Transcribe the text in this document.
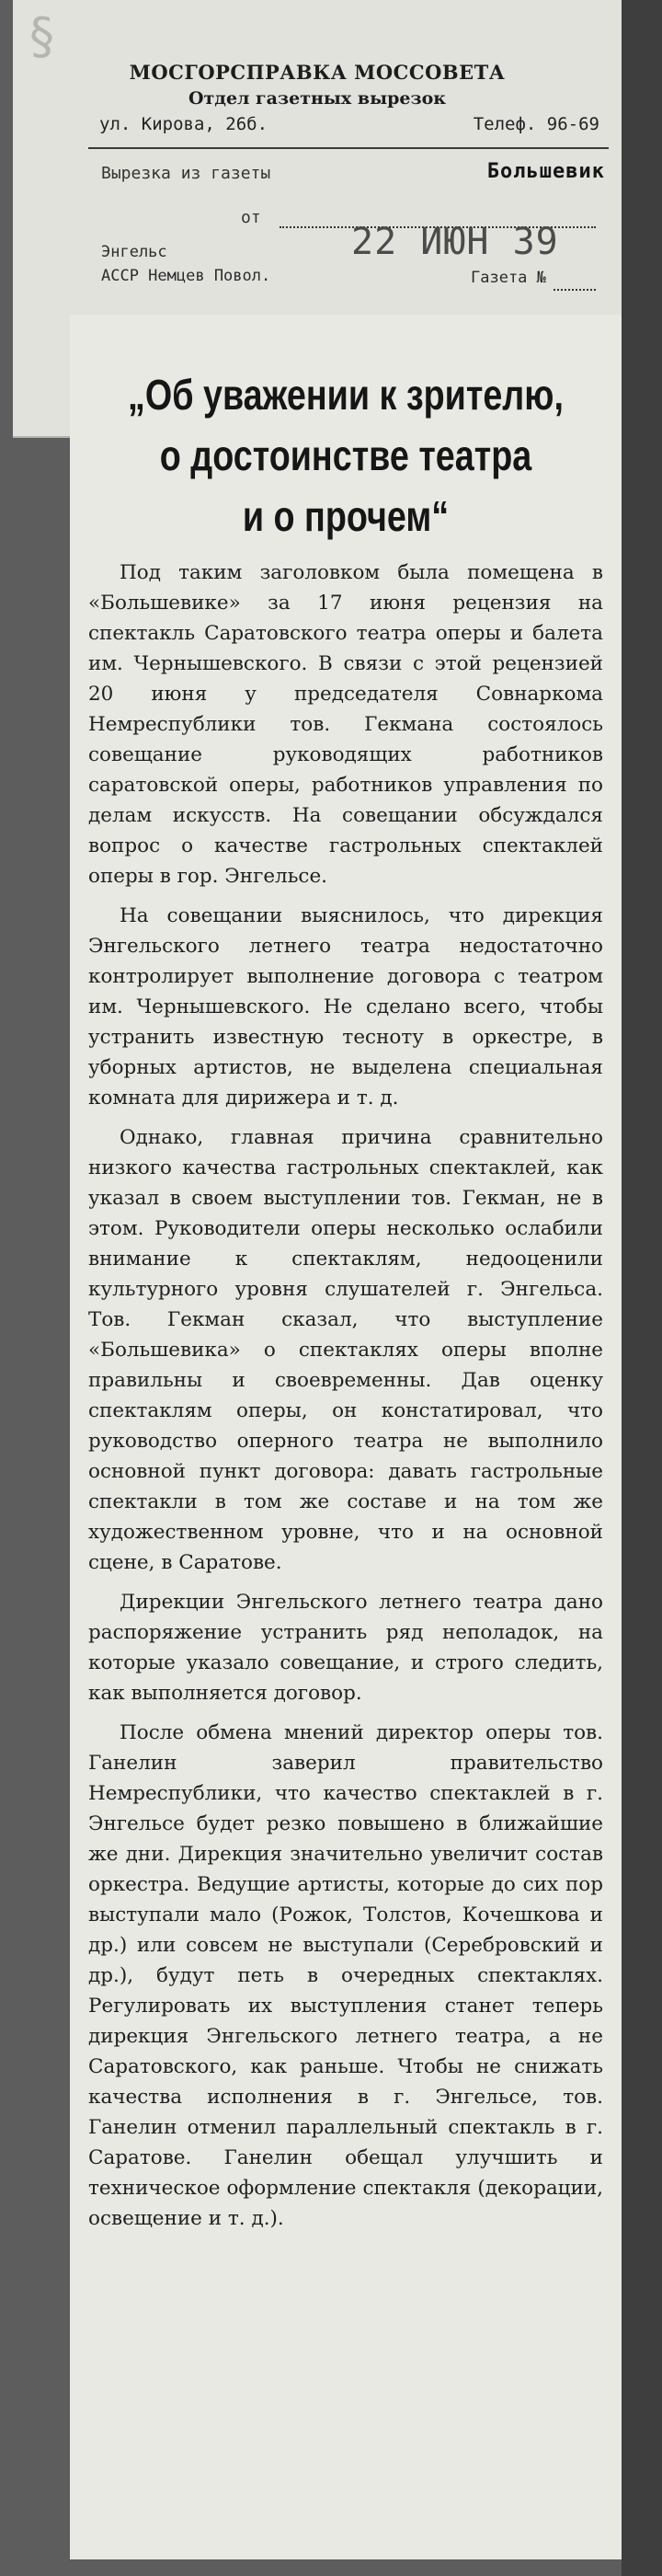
§
МОСГОРСПРАВКА МОССОВЕТА
Отдел газетных вырезок
ул. Кирова, 26б.	Телеф. 96-69
Вырезка из газеты	Большевик
от
Энгельс
АССР Немцев Повол.
22 ИЮН 39
Газета №
„Об уважении к зрителю,
о достоинстве театра
и о прочем“

Под таким заголовком была помещена в «Большевике» за 17 июня рецензия на спектакль Саратовского театра оперы и балета им. Чернышевского. В связи с этой рецензией 20 июня у председателя Совнаркома Немреспублики тов. Гекмана состоялось совещание руководящих работников саратовской оперы, работников управления по делам искусств. На совещании обсуждался вопрос о качестве гастрольных спектаклей оперы в гор. Энгельсе.

На совещании выяснилось, что дирекция Энгельского летнего театра недостаточно контролирует выполнение договора с театром им. Чернышевского. Не сделано всего, чтобы устранить известную тесноту в оркестре, в уборных артистов, не выделена специальная комната для дирижера и т. д.

Однако, главная причина сравнительно низкого качества гастрольных спектаклей, как указал в своем выступлении тов. Гекман, не в этом. Руководители оперы несколько ослабили внимание к спектаклям, недооценили культурного уровня слушателей г. Энгельса. Тов. Гекман сказал, что выступление «Большевика» о спектаклях оперы вполне правильны и своевременны. Дав оценку спектаклям оперы, он констатировал, что руководство оперного театра не выполнило основной пункт договора: давать гастрольные спектакли в том же составе и на том же художественном уровне, что и на основной сцене, в Саратове.

Дирекции Энгельского летнего театра дано распоряжение устранить ряд неполадок, на которые указало совещание, и строго следить, как выполняется договор.

После обмена мнений директор оперы тов. Ганелин заверил правительство Немреспублики, что качество спектаклей в г. Энгельсе будет резко повышено в ближайшие же дни. Дирекция значительно увеличит состав оркестра. Ведущие артисты, которые до сих пор выступали мало (Рожок, Толстов, Кочешкова и др.) или совсем не выступали (Серебровский и др.), будут петь в очередных спектаклях. Регулировать их выступления станет теперь дирекция Энгельского летнего театра, а не Саратовского, как раньше. Чтобы не снижать качества исполнения в г. Энгельсе, тов. Ганелин отменил параллельный спектакль в г. Саратове. Ганелин обещал улучшить и техническое оформление спектакля (декорации, освещение и т. д.).
